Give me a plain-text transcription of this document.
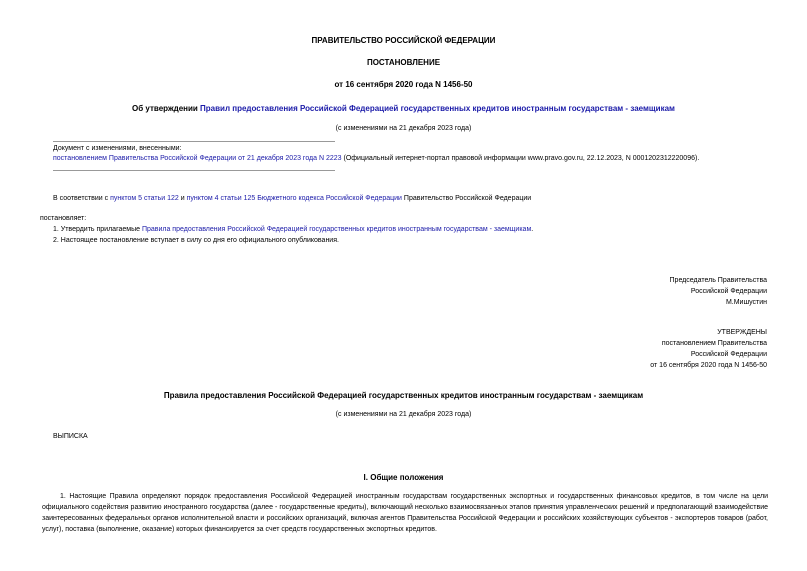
ПРАВИТЕЛЬСТВО РОССИЙСКОЙ ФЕДЕРАЦИИ
ПОСТАНОВЛЕНИЕ
от 16 сентября 2020 года N 1456-50
Об утверждении Правил предоставления Российской Федерацией государственных кредитов иностранным государствам - заемщикам
(с изменениями на 21 декабря 2023 года)
Документ с изменениями, внесенными:
постановлением Правительства Российской Федерации от 21 декабря 2023 года N 2223 (Официальный интернет-портал правовой информации www.pravo.gov.ru, 22.12.2023, N 0001202312220096).
В соответствии с пунктом 5 статьи 122 и пунктом 4 статьи 125 Бюджетного кодекса Российской Федерации Правительство Российской Федерации
постановляет:
1. Утвердить прилагаемые Правила предоставления Российской Федерацией государственных кредитов иностранным государствам - заемщикам.
2. Настоящее постановление вступает в силу со дня его официального опубликования.
Председатель Правительства
Российской Федерации
М.Мишустин
УТВЕРЖДЕНЫ
постановлением Правительства
Российской Федерации
от 16 сентября 2020 года N 1456-50
Правила предоставления Российской Федерацией государственных кредитов иностранным государствам - заемщикам
(с изменениями на 21 декабря 2023 года)
ВЫПИСКА
I. Общие положения
1. Настоящие Правила определяют порядок предоставления Российской Федерацией иностранным государствам государственных экспортных и государственных финансовых кредитов, в том числе на цели официального содействия развитию иностранного государства (далее - государственные кредиты), включающий несколько взаимосвязанных этапов принятия управленческих решений и предполагающий взаимодействие заинтересованных федеральных органов исполнительной власти и российских организаций, включая агентов Правительства Российской Федерации и российских хозяйствующих субъектов - экспортеров товаров (работ, услуг), поставка (выполнение, оказание) которых финансируется за счет средств государственных экспортных кредитов.
